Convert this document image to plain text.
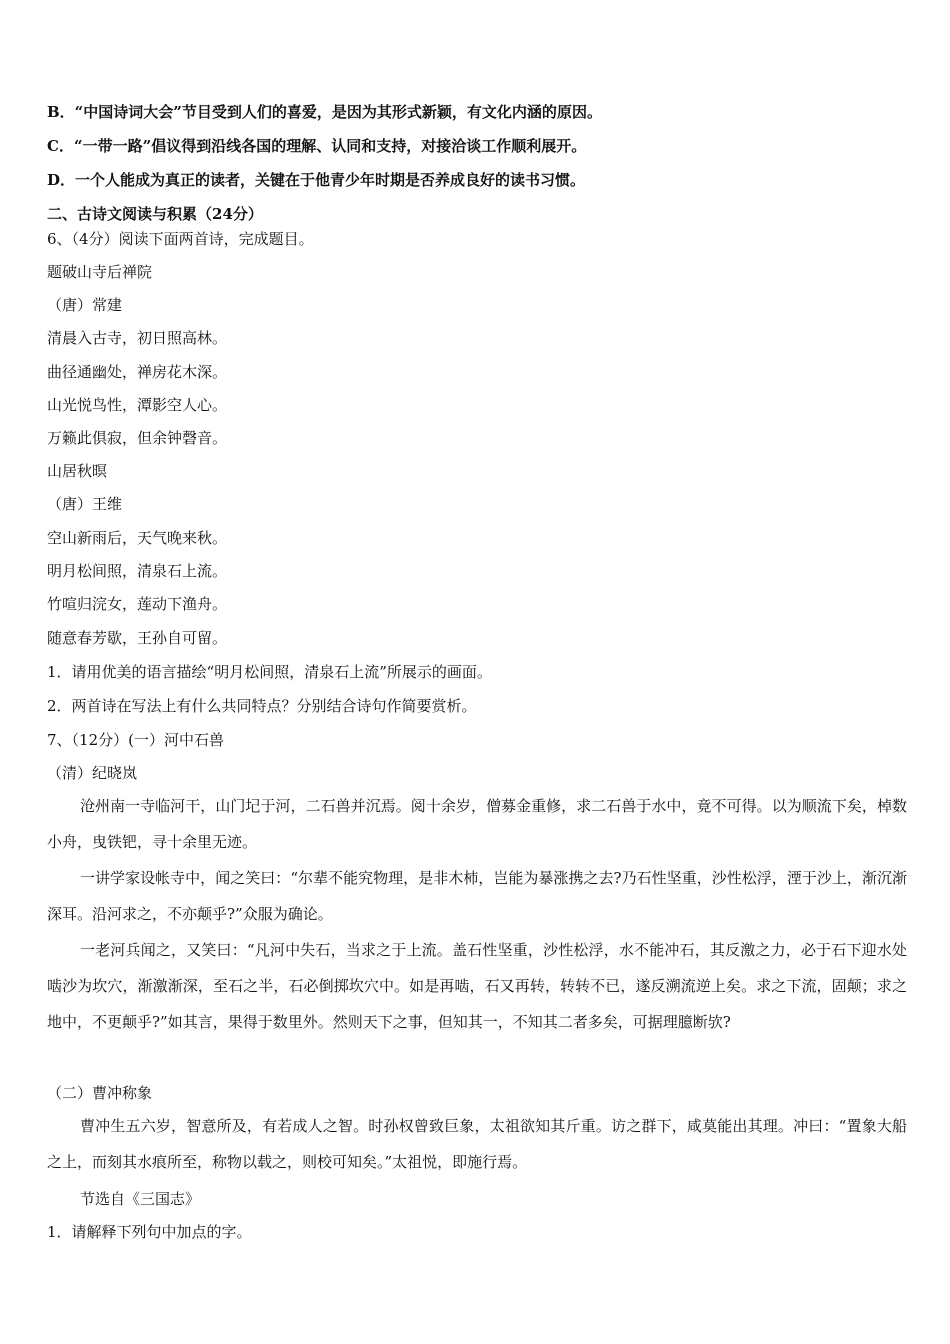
B．“中国诗词大会”节目受到人们的喜爱，是因为其形式新颖，有文化内涵的原因。
C．“一带一路”倡议得到沿线各国的理解、认同和支持，对接洽谈工作顺利展开。
D．一个人能成为真正的读者，关键在于他青少年时期是否养成良好的读书习惯。
二、古诗文阅读与积累（24分）
6、（4分）阅读下面两首诗，完成题目。
题破山寺后禅院
（唐）常建
清晨入古寺，初日照高林。
曲径通幽处，禅房花木深。
山光悦鸟性，潭影空人心。
万籁此俱寂，但余钟磬音。
山居秋暝
（唐）王维
空山新雨后，天气晚来秋。
明月松间照，清泉石上流。
竹喧归浣女，莲动下渔舟。
随意春芳歇，王孙自可留。
1．请用优美的语言描绘“明月松间照，清泉石上流”所展示的画面。
2．两首诗在写法上有什么共同特点？分别结合诗句作简要赏析。
7、（12分）(一）河中石兽
（清）纪晓岚
沧州南一寺临河干，山门圮于河，二石兽并沉焉。阅十余岁，僧募金重修，求二石兽于水中，竟不可得。以为顺流下矣，棹数小舟，曳铁钯，寻十余里无迹。
一讲学家设帐寺中，闻之笑曰：“尔辈不能究物理，是非木杮，岂能为暴涨携之去?乃石性坚重，沙性松浮，湮于沙上，渐沉渐深耳。沿河求之，不亦颠乎?”众服为确论。
一老河兵闻之，又笑曰：“凡河中失石，当求之于上流。盖石性坚重，沙性松浮，水不能冲石，其反激之力，必于石下迎水处啮沙为坎穴，渐激渐深，至石之半，石必倒掷坎穴中。如是再啮，石又再转，转转不已，遂反溯流逆上矣。求之下流，固颠；求之地中，不更颠乎?”如其言，果得于数里外。然则天下之事，但知其一，不知其二者多矣，可据理臆断欤?
（二）曹冲称象
曹冲生五六岁，智意所及，有若成人之智。时孙权曾致巨象，太祖欲知其斤重。访之群下，咸莫能出其理。冲曰：“置象大船之上，而刻其水痕所至，称物以载之，则校可知矣。”太祖悦，即施行焉。
节选自《三国志》
1．请解释下列句中加点的字。
